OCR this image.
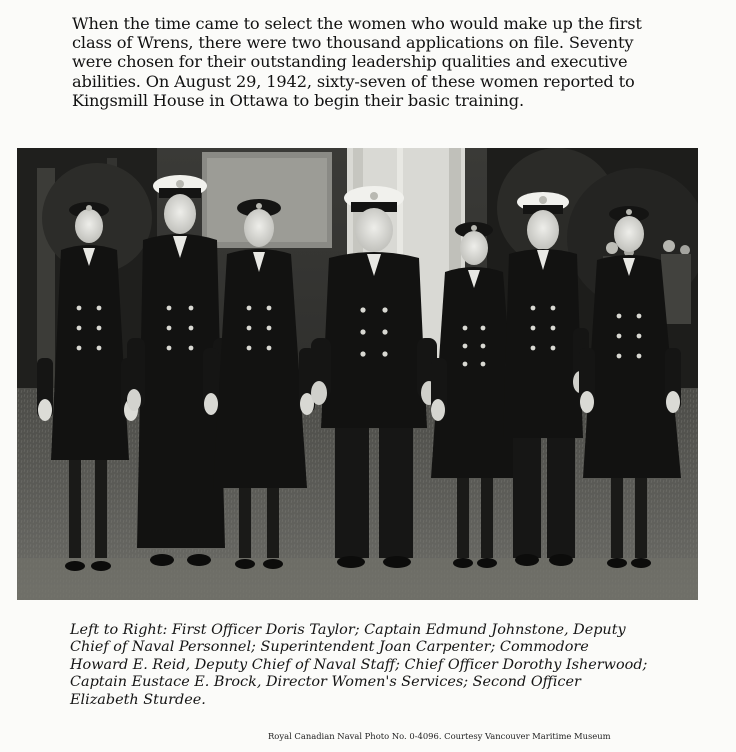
When the time came to select the women who would make up the first
class of Wrens, there were two thousand applications on file. Seventy
were chosen for their outstanding leadership qualities and executive
abilities. On August 29, 1942, sixty-seven of these women reported to
Kingsmill House in Ottawa to begin their basic training.

Left to Right: First Officer Doris Taylor; Captain Edmund Johnstone, Deputy
Chief of Naval Personnel; Superintendent Joan Carpenter; Commodore
Howard E. Reid, Deputy Chief of Naval Staff; Chief Officer Dorothy Isherwood;
Captain Eustace E. Brock, Director Women's Services; Second Officer
Elizabeth Sturdee.

Royal Canadian Naval Photo No. 0-4096. Courtesy Vancouver Maritime Museum
